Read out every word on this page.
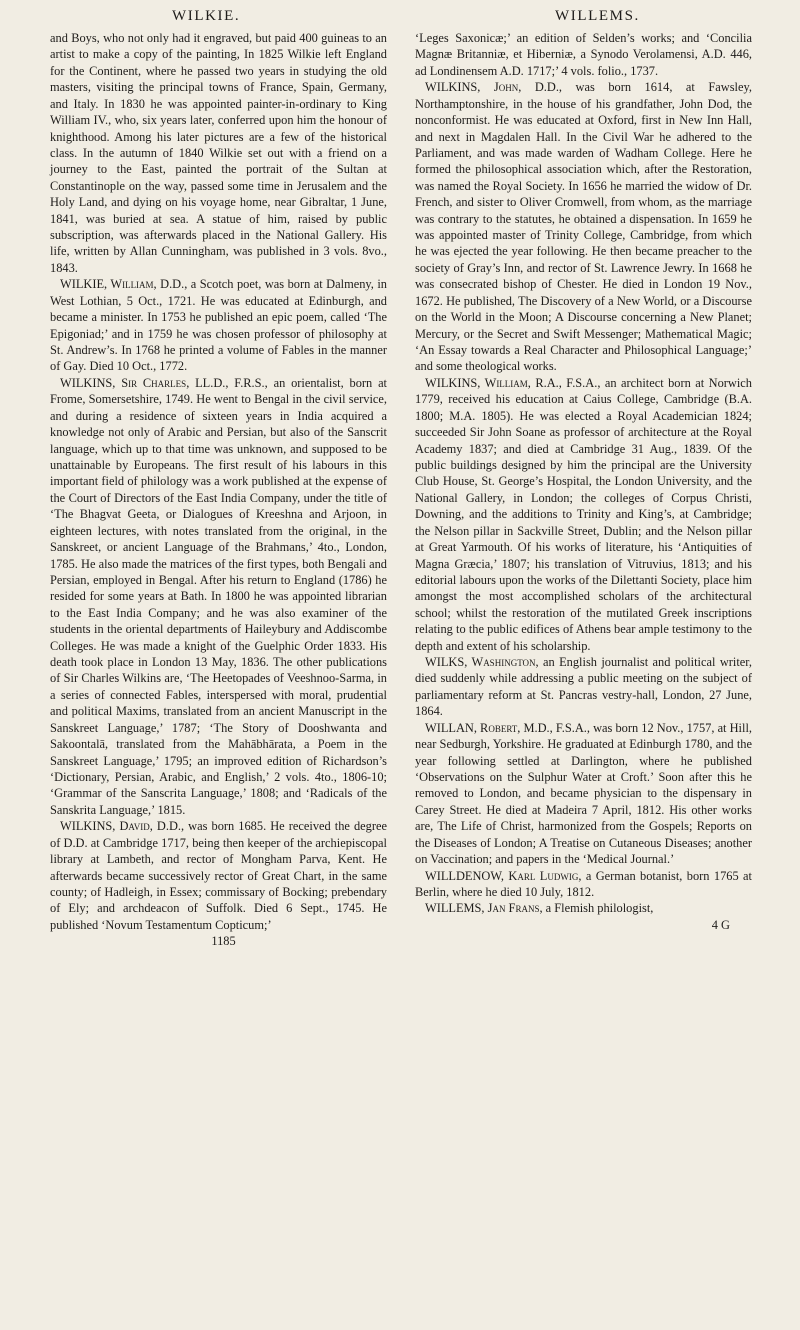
WILKIE.	WILLEMS.

and Boys, who not only had it engraved, but paid 400 guineas to an artist to make a copy of the painting, In 1825 Wilkie left England for the Continent, where he passed two years in studying the old masters, visiting the principal towns of France, Spain, Germany, and Italy. In 1830 he was appointed painter-in-ordinary to King William IV., who, six years later, conferred upon him the honour of knighthood. Among his later pictures are a few of the historical class. In the autumn of 1840 Wilkie set out with a friend on a journey to the East, painted the portrait of the Sultan at Constantinople on the way, passed some time in Jerusalem and the Holy Land, and dying on his voyage home, near Gibraltar, 1 June, 1841, was buried at sea. A statue of him, raised by public subscription, was afterwards placed in the National Gallery. His life, written by Allan Cunningham, was published in 3 vols. 8vo., 1843.

WILKIE, William, D.D., a Scotch poet, was born at Dalmeny, in West Lothian, 5 Oct., 1721. He was educated at Edinburgh, and became a minister. In 1753 he published an epic poem, called ‘The Epigoniad;’ and in 1759 he was chosen professor of philosophy at St. Andrew’s. In 1768 he printed a volume of Fables in the manner of Gay. Died 10 Oct., 1772.

WILKINS, Sir Charles, LL.D., F.R.S., an orientalist, born at Frome, Somersetshire, 1749. He went to Bengal in the civil service, and during a residence of sixteen years in India acquired a knowledge not only of Arabic and Persian, but also of the Sanscrit language, which up to that time was unknown, and supposed to be unattainable by Europeans. The first result of his labours in this important field of philology was a work published at the expense of the Court of Directors of the East India Company, under the title of ‘The Bhagvat Geeta, or Dialogues of Kreeshna and Arjoon, in eighteen lectures, with notes translated from the original, in the Sanskreet, or ancient Language of the Brahmans,’ 4to., London, 1785. He also made the matrices of the first types, both Bengali and Persian, employed in Bengal. After his return to England (1786) he resided for some years at Bath. In 1800 he was appointed librarian to the East India Company; and he was also examiner of the students in the oriental departments of Haileybury and Addiscombe Colleges. He was made a knight of the Guelphic Order 1833. His death took place in London 13 May, 1836. The other publications of Sir Charles Wilkins are, ‘The Heetopades of Veeshnoo-Sarma, in a series of connected Fables, interspersed with moral, prudential and political Maxims, translated from an ancient Manuscript in the Sanskreet Language,’ 1787; ‘The Story of Dooshwanta and Sakoontalā, translated from the Mahābhārata, a Poem in the Sanskreet Language,’ 1795; an improved edition of Richardson’s ‘Dictionary, Persian, Arabic, and English,’ 2 vols. 4to., 1806-10; ‘Grammar of the Sanscrita Language,’ 1808; and ‘Radicals of the Sanskrita Language,’ 1815.

WILKINS, David, D.D., was born 1685. He received the degree of D.D. at Cambridge 1717, being then keeper of the archiepiscopal library at Lambeth, and rector of Mongham Parva, Kent. He afterwards became successively rector of Great Chart, in the same county; of Hadleigh, in Essex; commissary of Bocking; prebendary of Ely; and archdeacon of Suffolk. Died 6 Sept., 1745. He published ‘Novum Testamentum Copticum;’

1185

‘Leges Saxonicæ;’ an edition of Selden’s works; and ‘Concilia Magnæ Britanniæ, et Hiberniæ, a Synodo Verolamensi, A.D. 446, ad Londinensem A.D. 1717;’ 4 vols. folio., 1737.

WILKINS, John, D.D., was born 1614, at Fawsley, Northamptonshire, in the house of his grandfather, John Dod, the nonconformist. He was educated at Oxford, first in New Inn Hall, and next in Magdalen Hall. In the Civil War he adhered to the Parliament, and was made warden of Wadham College. Here he formed the philosophical association which, after the Restoration, was named the Royal Society. In 1656 he married the widow of Dr. French, and sister to Oliver Cromwell, from whom, as the marriage was contrary to the statutes, he obtained a dispensation. In 1659 he was appointed master of Trinity College, Cambridge, from which he was ejected the year following. He then became preacher to the society of Gray’s Inn, and rector of St. Lawrence Jewry. In 1668 he was consecrated bishop of Chester. He died in London 19 Nov., 1672. He published, The Discovery of a New World, or a Discourse on the World in the Moon; A Discourse concerning a New Planet; Mercury, or the Secret and Swift Messenger; Mathematical Magic; ‘An Essay towards a Real Character and Philosophical Language;’ and some theological works.

WILKINS, William, R.A., F.S.A., an architect born at Norwich 1779, received his education at Caius College, Cambridge (B.A. 1800; M.A. 1805). He was elected a Royal Academician 1824; succeeded Sir John Soane as professor of architecture at the Royal Academy 1837; and died at Cambridge 31 Aug., 1839. Of the public buildings designed by him the principal are the University Club House, St. George’s Hospital, the London University, and the National Gallery, in London; the colleges of Corpus Christi, Downing, and the additions to Trinity and King’s, at Cambridge; the Nelson pillar in Sackville Street, Dublin; and the Nelson pillar at Great Yarmouth. Of his works of literature, his ‘Antiquities of Magna Græcia,’ 1807; his translation of Vitruvius, 1813; and his editorial labours upon the works of the Dilettanti Society, place him amongst the most accomplished scholars of the architectural school; whilst the restoration of the mutilated Greek inscriptions relating to the public edifices of Athens bear ample testimony to the depth and extent of his scholarship.

WILKS, Washington, an English journalist and political writer, died suddenly while addressing a public meeting on the subject of parliamentary reform at St. Pancras vestry-hall, London, 27 June, 1864.

WILLAN, Robert, M.D., F.S.A., was born 12 Nov., 1757, at Hill, near Sedburgh, Yorkshire. He graduated at Edinburgh 1780, and the year following settled at Darlington, where he published ‘Observations on the Sulphur Water at Croft.’ Soon after this he removed to London, and became physician to the dispensary in Carey Street. He died at Madeira 7 April, 1812. His other works are, The Life of Christ, harmonized from the Gospels; Reports on the Diseases of London; A Treatise on Cutaneous Diseases; another on Vaccination; and papers in the ‘Medical Journal.’

WILLDENOW, Karl Ludwig, a German botanist, born 1765 at Berlin, where he died 10 July, 1812.

WILLEMS, Jan Frans, a Flemish philologist,

4 G
